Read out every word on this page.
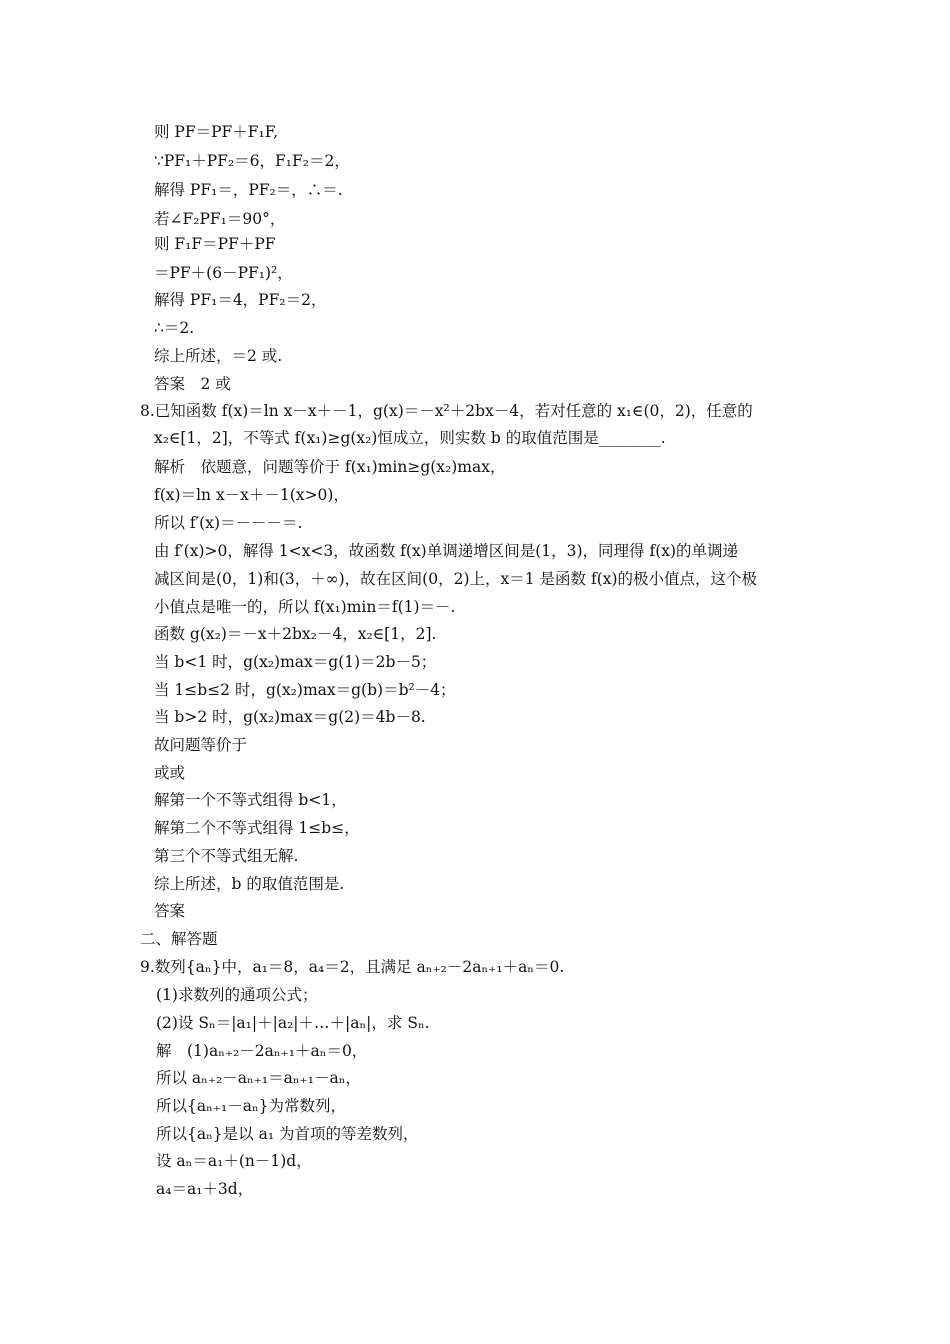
则 PF＝PF＋F₁F,
∵PF₁＋PF₂＝6，F₁F₂＝2，
解得 PF₁＝，PF₂＝，∴＝.
若∠F₂PF₁＝90°，
则 F₁F＝PF＋PF
＝PF＋(6－PF₁)²，
解得 PF₁＝4，PF₂＝2，
∴＝2.
综上所述，＝2 或.
答案　2 或
8.已知函数 f(x)＝ln x－x＋－1，g(x)＝－x²＋2bx－4，若对任意的 x₁∈(0，2)，任意的
x₂∈[1，2]，不等式 f(x₁)≥g(x₂)恒成立，则实数 b 的取值范围是________.
解析　依题意，问题等价于 f(x₁)min≥g(x₂)max，
f(x)＝ln x－x＋－1(x>0)，
所以 f′(x)＝－－－＝.
由 f′(x)>0，解得 1<x<3，故函数 f(x)单调递增区间是(1，3)，同理得 f(x)的单调递
减区间是(0，1)和(3，＋∞)，故在区间(0，2)上，x＝1 是函数 f(x)的极小值点，这个极
小值点是唯一的，所以 f(x₁)min＝f(1)＝－.
函数 g(x₂)＝－x＋2bx₂－4，x₂∈[1，2].
当 b<1 时，g(x₂)max＝g(1)＝2b－5；
当 1≤b≤2 时，g(x₂)max＝g(b)＝b²－4；
当 b>2 时，g(x₂)max＝g(2)＝4b－8.
故问题等价于
或或
解第一个不等式组得 b<1，
解第二个不等式组得 1≤b≤，
第三个不等式组无解.
综上所述，b 的取值范围是.
答案
二、解答题
9.数列{aₙ}中，a₁＝8，a₄＝2，且满足 aₙ₊₂－2aₙ₊₁＋aₙ＝0.
(1)求数列的通项公式；
(2)设 Sₙ＝|a₁|＋|a₂|＋…＋|aₙ|，求 Sₙ.
解　(1)aₙ₊₂－2aₙ₊₁＋aₙ＝0，
所以 aₙ₊₂－aₙ₊₁＝aₙ₊₁－aₙ，
所以{aₙ₊₁－aₙ}为常数列，
所以{aₙ}是以 a₁ 为首项的等差数列，
设 aₙ＝a₁＋(n－1)d，
a₄＝a₁＋3d，
